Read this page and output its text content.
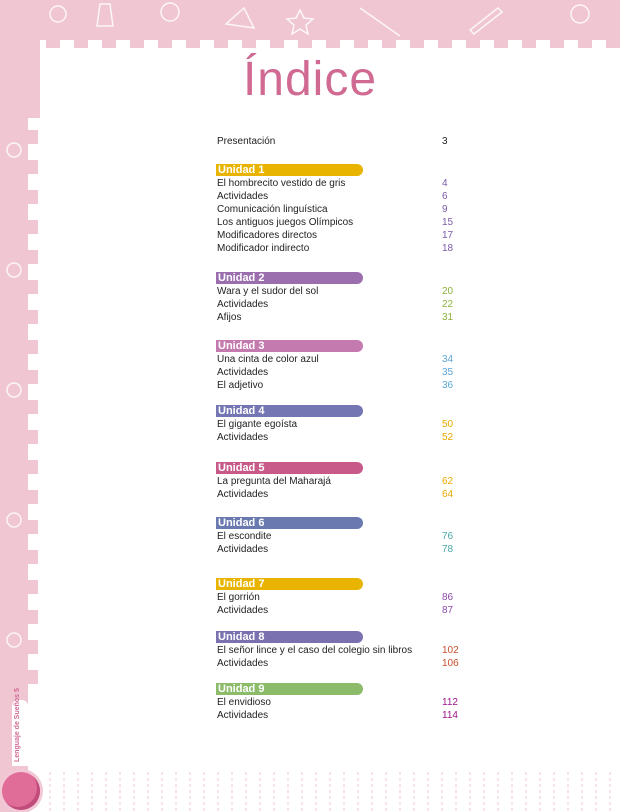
Índice
Presentación	3
Unidad 1
El hombrecito vestido de gris	4
Actividades	6
Comunicación linguística	9
Los antiguos juegos Olímpicos	15
Modificadores directos	17
Modificador indirecto	18
Unidad 2
Wara y el sudor del sol	20
Actividades	22
Afijos	31
Unidad 3
Una cinta de color azul	34
Actividades	35
El adjetivo	36
Unidad 4
El gigante egoísta	50
Actividades	52
Unidad 5
La pregunta del Maharajá	62
Actividades	64
Unidad 6
El escondite	76
Actividades	78
Unidad 7
El gorrión	86
Actividades	87
Unidad 8
El señor lince y el caso del colegio sin libros	102
Actividades	106
Unidad 9
El envidioso	112
Actividades	114
Lenguaje de Sueños 5
